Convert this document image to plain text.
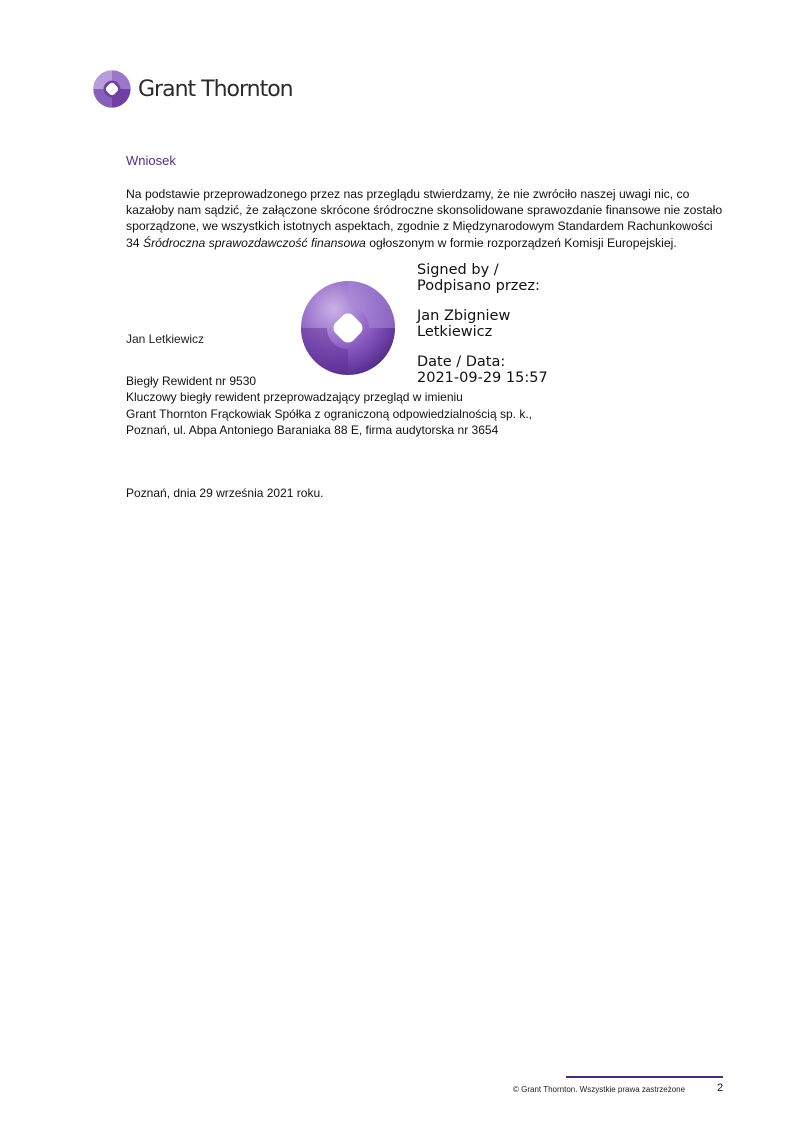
Grant Thornton
Wniosek
Na podstawie przeprowadzonego przez nas przeglądu stwierdzamy, że nie zwróciło naszej uwagi nic, co kazałoby nam sądzić, że załączone skrócone śródroczne skonsolidowane sprawozdanie finansowe nie zostało sporządzone, we wszystkich istotnych aspektach, zgodnie z Międzynarodowym Standardem Rachunkowości 34 Śródroczna sprawozdawczość finansowa ogłoszonym w formie rozporządzeń Komisji Europejskiej.
Jan Letkiewicz
Signed by /
Podpisano przez:
Jan Zbigniew
Letkiewicz
Date / Data:
2021-09-29 15:57
Biegły Rewident nr 9530
Kluczowy biegły rewident przeprowadzający przegląd w imieniu
Grant Thornton Frąckowiak Spółka z ograniczoną odpowiedzialnością sp. k.,
Poznań, ul. Abpa Antoniego Baraniaka 88 E, firma audytorska nr 3654
Poznań, dnia 29 września 2021 roku.
© Grant Thornton. Wszystkie prawa zastrzeżone	2
